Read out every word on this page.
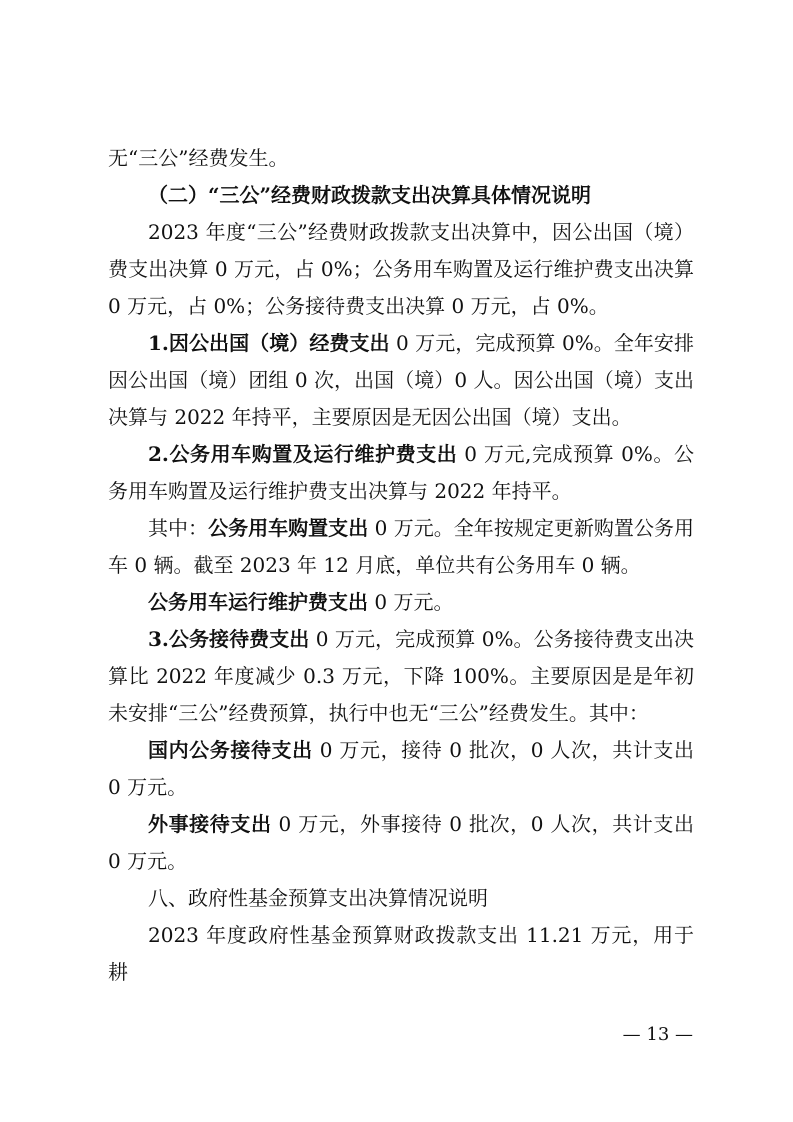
无“三公”经费发生。

（二）“三公”经费财政拨款支出决算具体情况说明

2023 年度“三公”经费财政拨款支出决算中，因公出国（境）费支出决算 0 万元，占 0%；公务用车购置及运行维护费支出决算 0 万元，占 0%；公务接待费支出决算 0 万元，占 0%。

1.因公出国（境）经费支出 0 万元，完成预算 0%。全年安排因公出国（境）团组 0 次，出国（境）0 人。因公出国（境）支出决算与 2022 年持平，主要原因是无因公出国（境）支出。

2.公务用车购置及运行维护费支出 0 万元,完成预算 0%。公务用车购置及运行维护费支出决算与 2022 年持平。

其中：公务用车购置支出 0 万元。全年按规定更新购置公务用车 0 辆。截至 2023 年 12 月底，单位共有公务用车 0 辆。

公务用车运行维护费支出 0 万元。

3.公务接待费支出 0 万元，完成预算 0%。公务接待费支出决算比 2022 年度减少 0.3 万元，下降 100%。主要原因是是年初未安排“三公”经费预算，执行中也无“三公”经费发生。其中：

国内公务接待支出 0 万元，接待 0 批次，0 人次，共计支出 0 万元。

外事接待支出 0 万元，外事接待 0 批次，0 人次，共计支出 0 万元。

八、政府性基金预算支出决算情况说明

2023 年度政府性基金预算财政拨款支出 11.21 万元，用于耕

— 13 —
